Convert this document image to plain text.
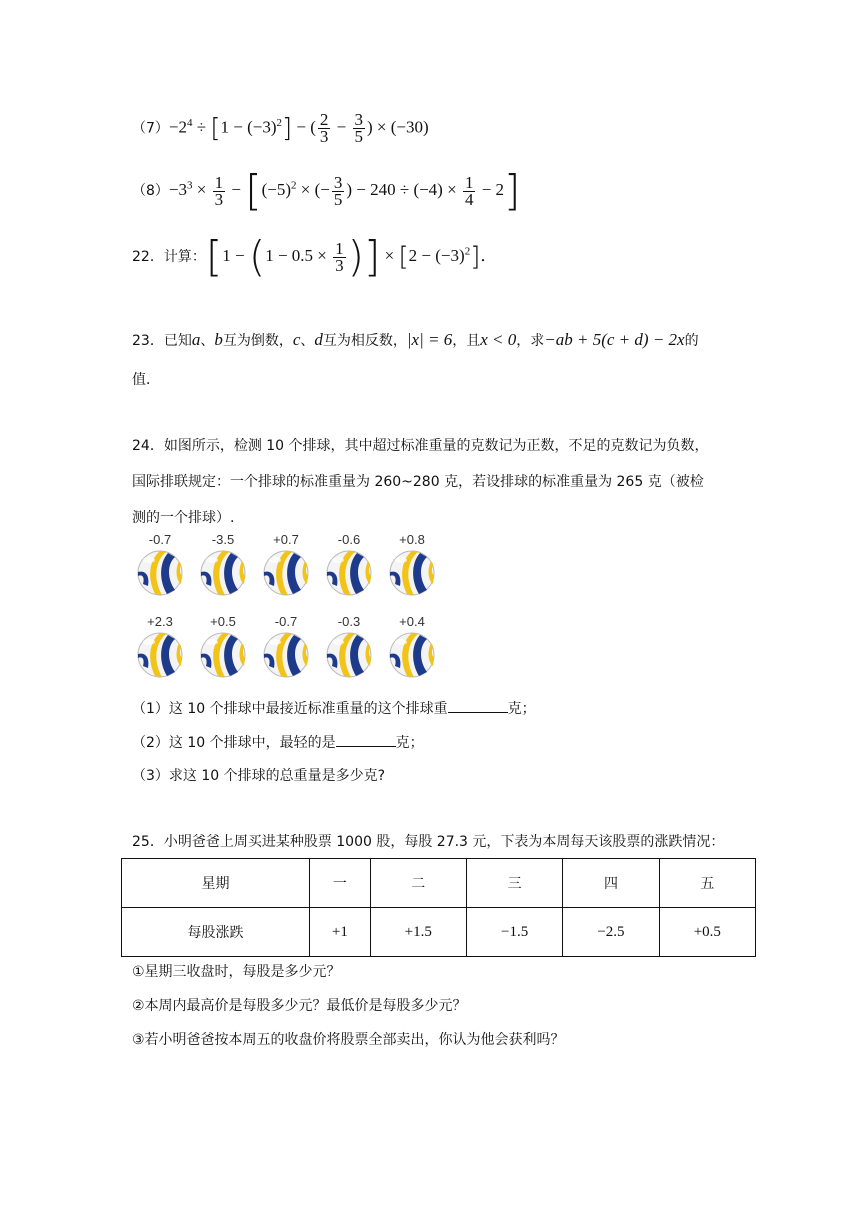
$(7)-2^4 \div [1 - (-3)^2]$ − ( $\frac{2}{3} - \frac{3}{5}$ ) × (−30)
$(8)-3^3 \times \frac{1}{3} - [(-5)^2$ × (− $\frac{3}{5}$ ) − $240 \div (-4) \times \frac{1}{4} - 2$]
22．计算：[$1 - (1 - 0.5 \times \frac{1}{3}$ )] × $[2 - (-3)^2]$．
23．已知a、b互为倒数，c、d互为相反数，|x| = 6，且x < 0，求−ab + 5(c + d) − 2x的
值．
24．如图所示，检测 10 个排球，其中超过标准重量的克数记为正数，不足的克数记为负数，
国际排联规定：一个排球的标准重量为 260~280 克，若设排球的标准重量为 265 克（被检
测的一个排球）.
-0.7	-3.5	+0.7	-0.6	+0.8
+2.3	+0.5	-0.7	-0.3	+0.4
（1）这 10 个排球中最接近标准重量的这个排球重	克；
（2）这 10 个排球中，最轻的是	克；
（3）求这 10 个排球的总重量是多少克?
25．小明爸爸上周买进某种股票 1000 股，每股 27.3 元，下表为本周每天该股票的涨跌情况：
星期	一	二	三	四	五
每股涨跌	+1	+1.5	−1.5	−2.5	+0.5
①星期三收盘时，每股是多少元？
②本周内最高价是每股多少元？最低价是每股多少元？
③若小明爸爸按本周五的收盘价将股票全部卖出，你认为他会获利吗？
